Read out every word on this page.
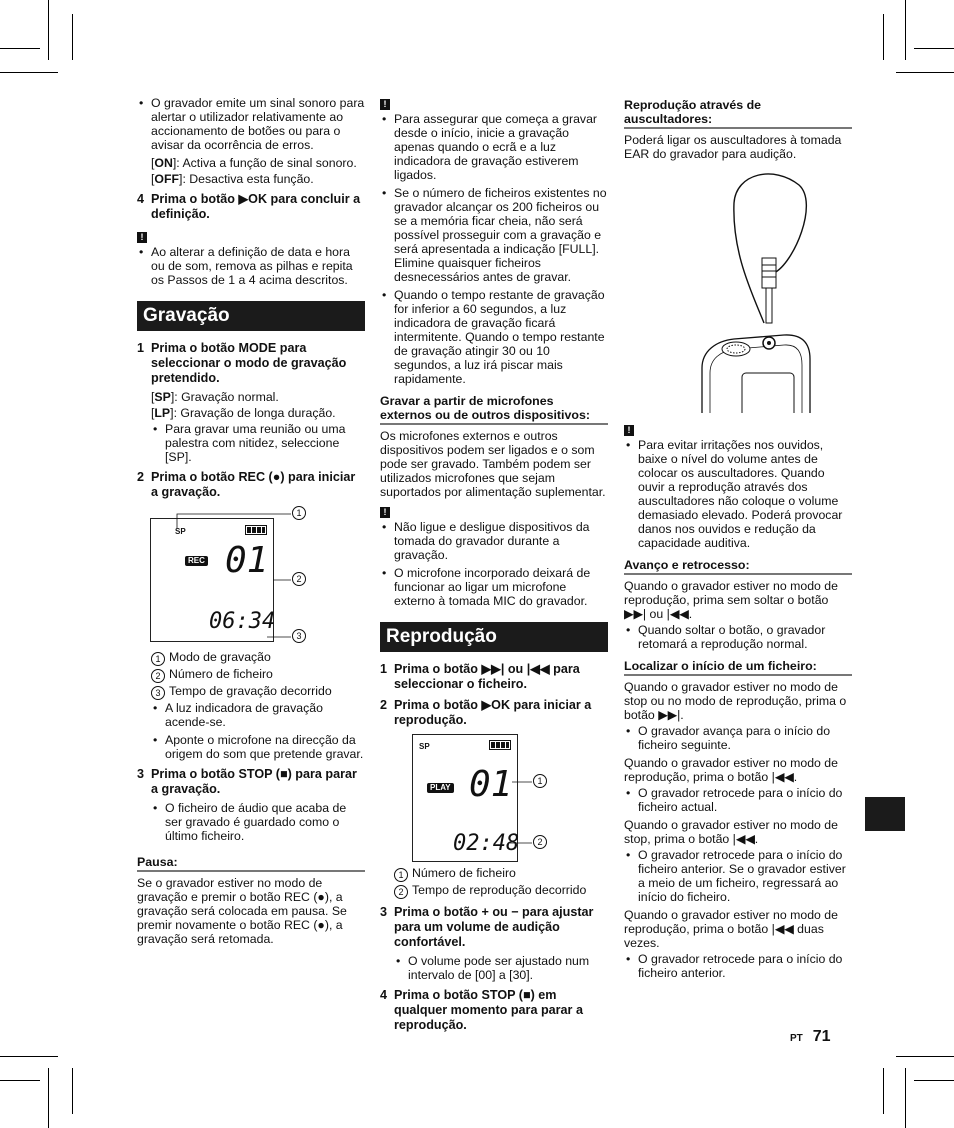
• O gravador emite um sinal sonoro para alertar o utilizador relativamente ao accionamento de botões ou para o avisar da ocorrência de erros.

[ON]: Activa a função de sinal sonoro.

[OFF]: Desactiva esta função.

4 Prima o botão ▶OK para concluir a definição.
!
• Ao alterar a definição de data e hora ou de som, remova as pilhas e repita os Passos de 1 a 4 acima descritos.
Gravação
1 Prima o botão MODE para seleccionar o modo de gravação pretendido.

[SP]: Gravação normal.

[LP]: Gravação de longa duração.

• Para gravar uma reunião ou uma palestra com nitidez, seleccione [SP].
2 Prima o botão REC (●) para iniciar a gravação.
SP
REC 01
06:34
1
2
3
1 Modo de gravação
2 Número de ficheiro
3 Tempo de gravação decorrido
• A luz indicadora de gravação acende-se.
• Aponte o microfone na direcção da origem do som que pretende gravar.
3 Prima o botão STOP (■) para parar a gravação.
• O ficheiro de áudio que acaba de ser gravado é guardado como o último ficheiro.
Pausa:

Se o gravador estiver no modo de gravação e premir o botão REC (●), a gravação será colocada em pausa. Se premir novamente o botão REC (●), a gravação será retomada.

!
• Para assegurar que começa a gravar desde o início, inicie a gravação apenas quando o ecrã e a luz indicadora de gravação estiverem ligados.
• Se o número de ficheiros existentes no gravador alcançar os 200 ficheiros ou se a memória ficar cheia, não será possível prosseguir com a gravação e será apresentada a indicação [FULL]. Elimine quaisquer ficheiros desnecessários antes de gravar.
• Quando o tempo restante de gravação for inferior a 60 segundos, a luz indicadora de gravação ficará intermitente. Quando o tempo restante de gravação atingir 30 ou 10 segundos, a luz irá piscar mais rapidamente.
Gravar a partir de microfones externos ou de outros dispositivos:

Os microfones externos e outros dispositivos podem ser ligados e o som pode ser gravado. Também podem ser utilizados microfones que sejam suportados por alimentação suplementar.

!
• Não ligue e desligue dispositivos da tomada do gravador durante a gravação.
• O microfone incorporado deixará de funcionar ao ligar um microfone externo à tomada MIC do gravador.
Reprodução
1 Prima o botão ▶▶| ou |◀◀ para seleccionar o ficheiro.
2 Prima o botão ▶OK para iniciar a reprodução.
SP
PLAY 01
02:48
1
2
1 Número de ficheiro
2 Tempo de reprodução decorrido
3 Prima o botão + ou − para ajustar para um volume de audição confortável.
• O volume pode ser ajustado num intervalo de [00] a [30].
4 Prima o botão STOP (■) em qualquer momento para parar a reprodução.
Reprodução através de auscultadores:

Poderá ligar os auscultadores à tomada EAR do gravador para audição.

!
• Para evitar irritações nos ouvidos, baixe o nível do volume antes de colocar os auscultadores. Quando ouvir a reprodução através dos auscultadores não coloque o volume demasiado elevado. Poderá provocar danos nos ouvidos e redução da capacidade auditiva.
Avanço e retrocesso:

Quando o gravador estiver no modo de reprodução, prima sem soltar o botão ▶▶| ou |◀◀.

• Quando soltar o botão, o gravador retomará a reprodução normal.
Localizar o início de um ficheiro:

Quando o gravador estiver no modo de stop ou no modo de reprodução, prima o botão ▶▶|.

• O gravador avança para o início do ficheiro seguinte.

Quando o gravador estiver no modo de reprodução, prima o botão |◀◀.

• O gravador retrocede para o início do ficheiro actual.

Quando o gravador estiver no modo de stop, prima o botão |◀◀.

• O gravador retrocede para o início do ficheiro anterior. Se o gravador estiver a meio de um ficheiro, regressará ao início do ficheiro.

Quando o gravador estiver no modo de reprodução, prima o botão |◀◀ duas vezes.

• O gravador retrocede para o início do ficheiro anterior.
PT 71
